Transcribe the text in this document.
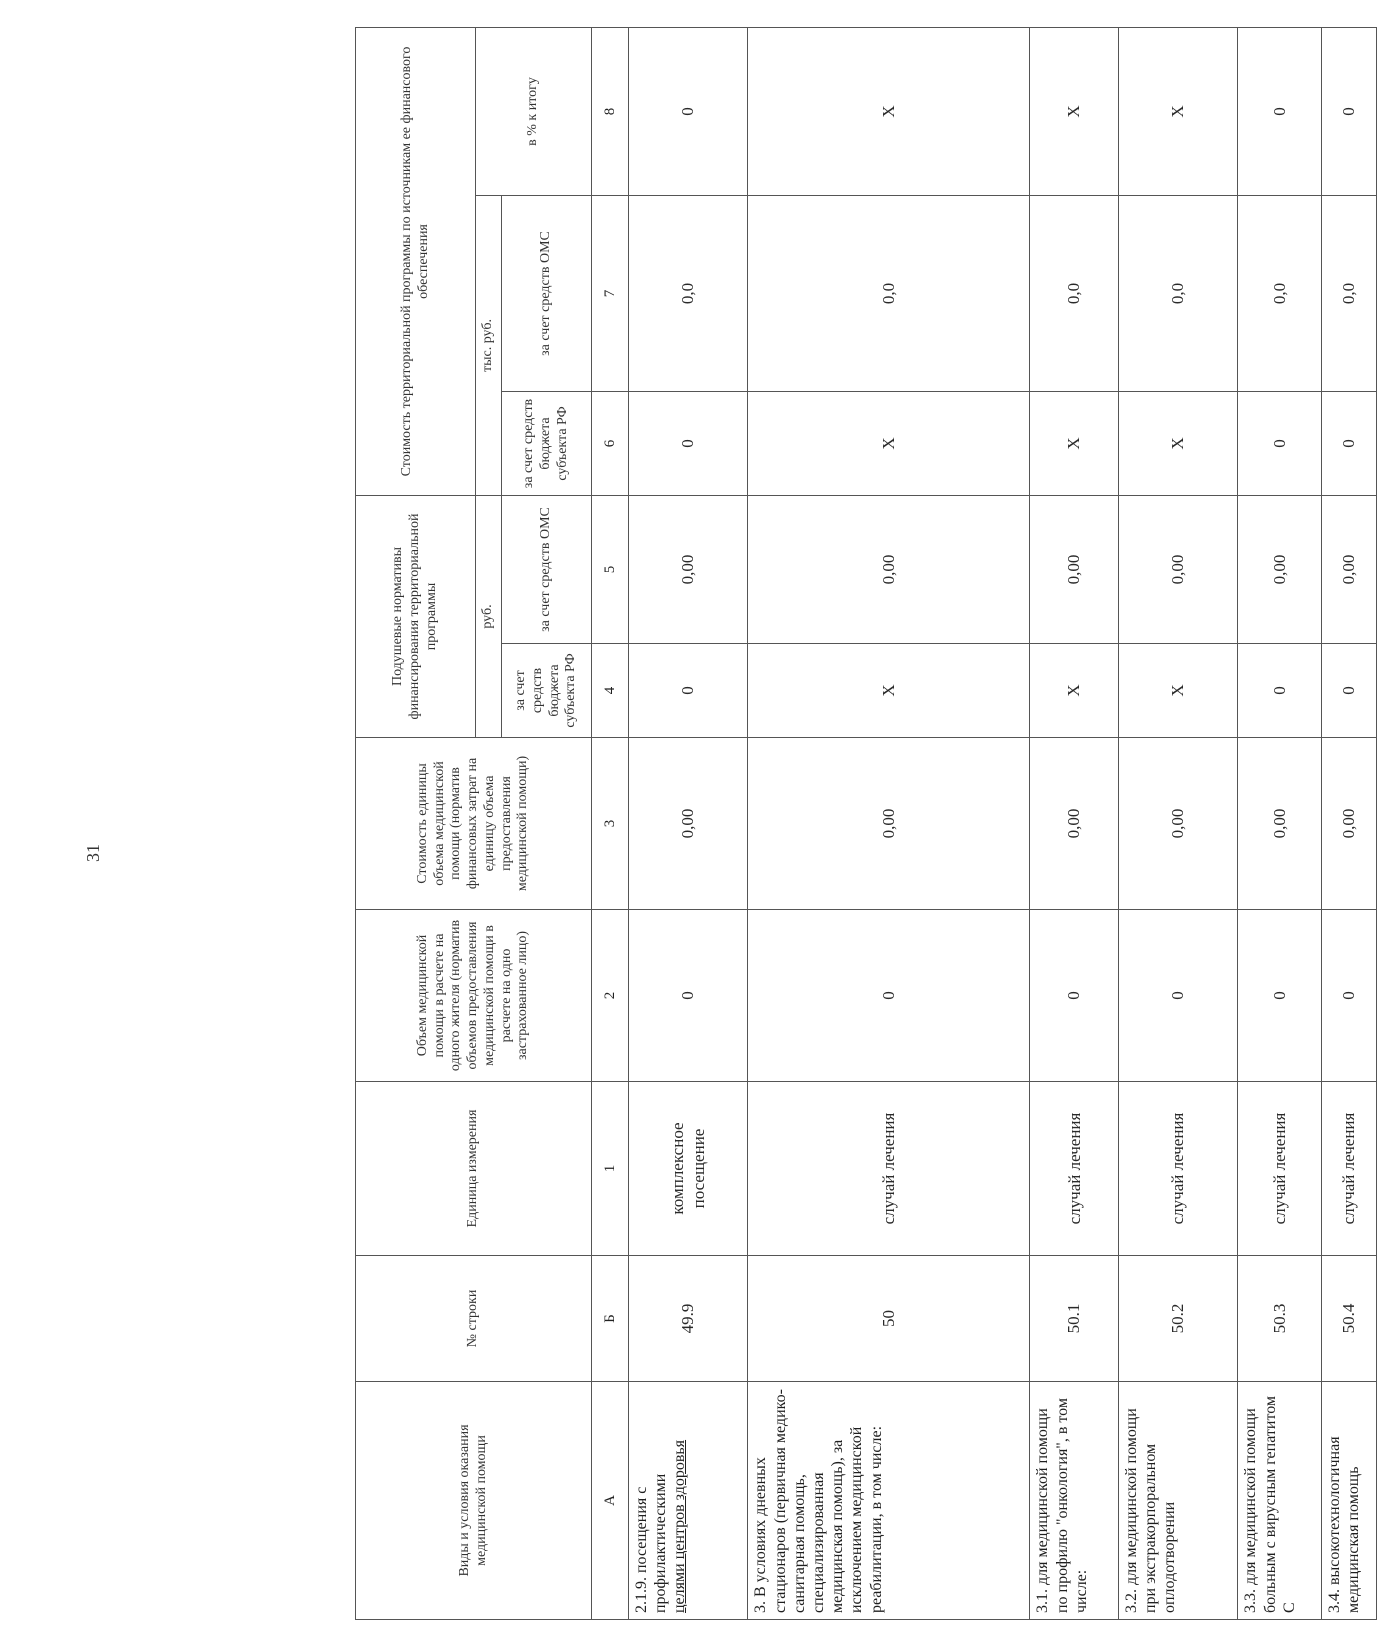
31
Виды и условия оказания медицинской помощи	№ строки	Единица измерения	Объем медицинской помощи в расчете на одного жителя (норматив объемов предоставления медицинской помощи в расчете на одно застрахованное лицо)	Стоимость единицы объема медицинской помощи (норматив финансовых затрат на единицу объема предоставления медицинской помощи)	Подушевые нормативы финансирования территориальной программы		Стоимость территориальной программы по источникам ее финансового обеспечения		
					руб.		тыс. руб.		в % к итогу
					за счет средств бюджета субъекта РФ	за счет средств ОМС	за счет средств бюджета субъекта РФ	за счет средств ОМС	
А	Б	1	2	3	4	5	6	7	8
2.1.9. посещения с профилактическими целями центров здоровья	49.9	комплексное посещение	0	0,00	0	0,00	0	0,0	0
3. В условиях дневных стационаров (первичная медико-санитарная помощь, специализированная медицинская помощь), за исключением медицинской реабилитации, в том числе:	50	случай лечения	0	0,00	X	0,00	X	0,0	X
3.1. для медицинской помощи по профилю "онкология", в том числе:	50.1	случай лечения	0	0,00	X	0,00	X	0,0	X
3.2. для медицинской помощи при экстракорпоральном оплодотворении	50.2	случай лечения	0	0,00	X	0,00	X	0,0	X
3.3. для медицинской помощи больным с вирусным гепатитом С	50.3	случай лечения	0	0,00	0	0,00	0	0,0	0
3.4. высокотехнологичная медицинская помощь	50.4	случай лечения	0	0,00	0	0,00	0	0,0	0
